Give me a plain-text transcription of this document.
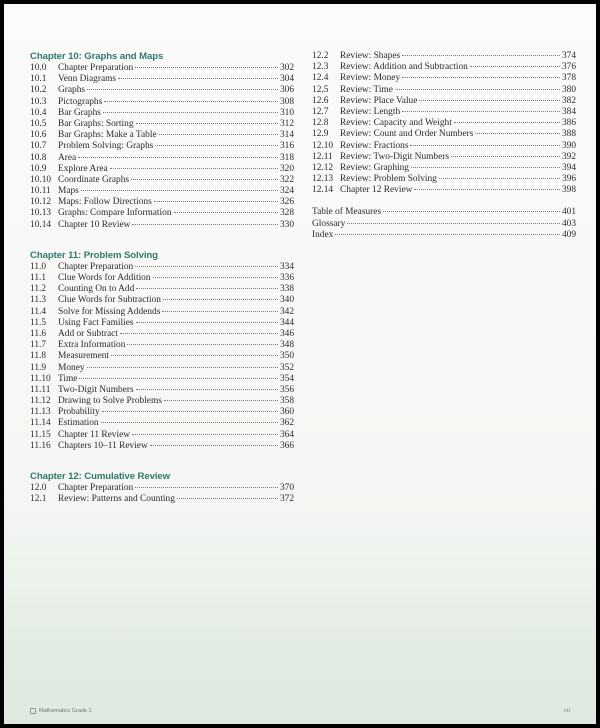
Chapter 10: Graphs and Maps
10.0	Chapter Preparation	302
10.1	Venn Diagrams	304
10.2	Graphs	306
10.3	Pictographs	308
10.4	Bar Graphs	310
10.5	Bar Graphs: Sorting	312
10.6	Bar Graphs: Make a Table	314
10.7	Problem Solving: Graphs	316
10.8	Area	318
10.9	Explore Area	320
10.10 Coordinate Graphs	322
10.11 Maps	324
10.12 Maps: Follow Directions	326
10.13 Graphs: Compare Information	328
10.14 Chapter 10 Review	330
Chapter 11: Problem Solving
11.0	Chapter Preparation	334
11.1	Clue Words for Addition	336
11.2	Counting On to Add	338
11.3	Clue Words for Subtraction	340
11.4	Solve for Missing Addends	342
11.5	Using Fact Families	344
11.6	Add or Subtract	346
11.7	Extra Information	348
11.8	Measurement	350
11.9	Money	352
11.10 Time	354
11.11 Two-Digit Numbers	356
11.12 Drawing to Solve Problems	358
11.13 Probability	360
11.14 Estimation	362
11.15 Chapter 11 Review	364
11.16 Chapters 10–11 Review	366
Chapter 12: Cumulative Review
12.0	Chapter Preparation	370
12.1	Review: Patterns and Counting	372
12.2	Review: Shapes	374
12.3	Review: Addition and Subtraction	376
12.4	Review: Money	378
12.5	Review: Time	380
12.6	Review: Place Value	382
12.7	Review: Length	384
12.8	Review: Capacity and Weight	386
12.9	Review: Count and Order Numbers	388
12.10 Review: Fractions	390
12.11 Review: Two-Digit Numbers	392
12.12 Review: Graphing	394
12.13 Review: Problem Solving	396
12.14 Chapter 12 Review	398
Table of Measures	401
Glossary	403
Index	409
Mathematics Grade 1	vii
